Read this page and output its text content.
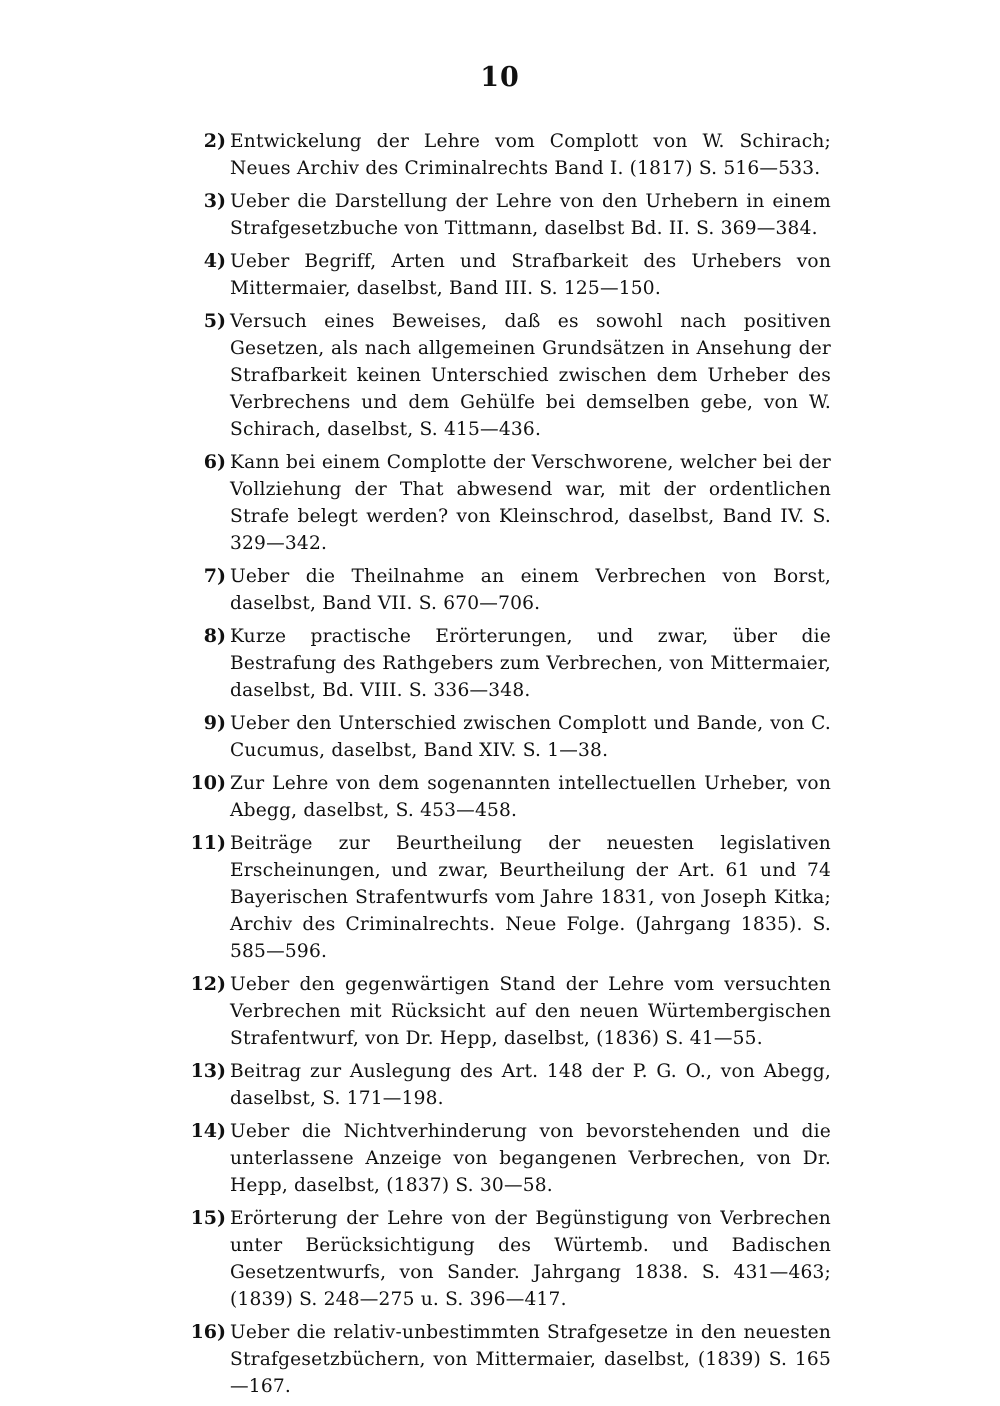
10
2) Entwickelung der Lehre vom Complott von W. Schirach; Neues Archiv des Criminalrechts Band I. (1817) S. 516—533.
3) Ueber die Darstellung der Lehre von den Urhebern in einem Strafgesetzbuche von Tittmann, daselbst Bd. II. S. 369—384.
4) Ueber Begriff, Arten und Strafbarkeit des Urhebers von Mittermaier, daselbst, Band III. S. 125—150.
5) Versuch eines Beweises, daß es sowohl nach positiven Gesetzen, als nach allgemeinen Grundsätzen in Ansehung der Strafbarkeit keinen Unterschied zwischen dem Urheber des Verbrechens und dem Gehülfe bei demselben gebe, von W. Schirach, daselbst, S. 415—436.
6) Kann bei einem Complotte der Verschworene, welcher bei der Vollziehung der That abwesend war, mit der ordentlichen Strafe belegt werden? von Kleinschrod, daselbst, Band IV. S. 329—342.
7) Ueber die Theilnahme an einem Verbrechen von Borst, daselbst, Band VII. S. 670—706.
8) Kurze practische Erörterungen, und zwar, über die Bestrafung des Rathgebers zum Verbrechen, von Mittermaier, daselbst, Bd. VIII. S. 336—348.
9) Ueber den Unterschied zwischen Complott und Bande, von C. Cucumus, daselbst, Band XIV. S. 1—38.
10) Zur Lehre von dem sogenannten intellectuellen Urheber, von Abegg, daselbst, S. 453—458.
11) Beiträge zur Beurtheilung der neuesten legislativen Erscheinungen, und zwar, Beurtheilung der Art. 61 und 74 Bayerischen Strafentwurfs vom Jahre 1831, von Joseph Kitka; Archiv des Criminalrechts. Neue Folge. (Jahrgang 1835). S. 585—596.
12) Ueber den gegenwärtigen Stand der Lehre vom versuchten Verbrechen mit Rücksicht auf den neuen Würtembergischen Strafentwurf, von Dr. Hepp, daselbst, (1836) S. 41—55.
13) Beitrag zur Auslegung des Art. 148 der P. G. O., von Abegg, daselbst, S. 171—198.
14) Ueber die Nichtverhinderung von bevorstehenden und die unterlassene Anzeige von begangenen Verbrechen, von Dr. Hepp, daselbst, (1837) S. 30—58.
15) Erörterung der Lehre von der Begünstigung von Verbrechen unter Berücksichtigung des Würtemb. und Badischen Gesetzentwurfs, von Sander. Jahrgang 1838. S. 431—463; (1839) S. 248—275 u. S. 396—417.
16) Ueber die relativ-unbestimmten Strafgesetze in den neuesten Strafgesetzbüchern, von Mittermaier, daselbst, (1839) S. 165—167.
